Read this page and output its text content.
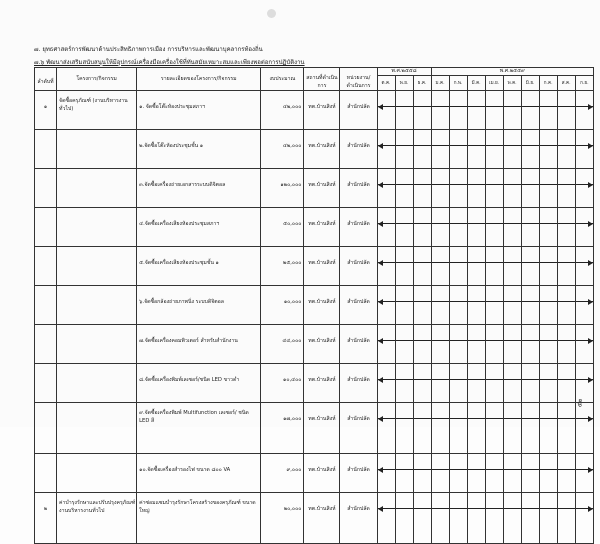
๗. ยุทธศาสตร์การพัฒนาด้านประสิทธิภาพการเมือง การบริหารและพัฒนาบุคลากรท้องถิ่น
๗.๖ พัฒนาส่งเสริมสนับสนุนให้มีอุปกรณ์เครื่องมือเครื่องใช้ที่ทันสมัยเหมาะสมและเพียงพอต่อการปฏิบัติงาน
ลำดับที่	โครงการ/กิจกรรม	รายละเอียดของโครงการ/กิจกรรม	งบประมาณ	สถานที่ดำเนินการ	หน่วยงาน/ดำเนินการ	พ.ศ.๒๕๕๘			พ.ศ.๒๕๕๙								
						ต.ค.	พ.ย.	ธ.ค.	ม.ค.	ก.พ.	มี.ค.	เม.ย.	พ.ค.	มิ.ย.	ก.ค.	ส.ค.	ก.ย.
๑	จัดซื้อครุภัณฑ์ (งานบริหารงานทั่วไป)	๑. จัดซื้อโต๊ะห้องประชุมสภาฯ	๔๒,๐๐๐	ทต.บ้านสิงห์	สำนักปลัด	

		๒.จัดซื้อโต๊ะห้องประชุมชั้น ๑	๔๒,๐๐๐	ทต.บ้านสิงห์	สำนักปลัด	

		๓.จัดซื้อเครื่องถ่ายเอกสารระบบดิจิตอล	๑๒๐,๐๐๐	ทต.บ้านสิงห์	สำนักปลัด	

		๔.จัดซื้อเครื่องเสียงห้องประชุมสภาฯ	๕๐,๐๐๐	ทต.บ้านสิงห์	สำนักปลัด	

		๕.จัดซื้อเครื่องเสียงห้องประชุมชั้น ๑	๒๕,๐๐๐	ทต.บ้านสิงห์	สำนักปลัด	

		๖.จัดซื้อกล้องถ่ายภาพนิ่ง ระบบดิจิตอล	๑๐,๐๐๐	ทต.บ้านสิงห์	สำนักปลัด	

		๗.จัดซื้อเครื่องคอมพิวเตอร์ สำหรับสำนักงาน	๔๔,๐๐๐	ทต.บ้านสิงห์	สำนักปลัด	

		๘.จัดซื้อเครื่องพิมพ์เลเซอร์/ชนิด LED ขาวดำ	๑๐,๔๐๐	ทต.บ้านสิงห์	สำนักปลัด	

		๙.จัดซื้อเครื่องพิมพ์ Multifunction เลเซอร์/ ชนิด LED สี	๑๗,๐๐๐	ทต.บ้านสิงห์	สำนักปลัด	

		๑๐.จัดซื้อเครื่องสำรองไฟ ขนาด ๘๐๐ VA	๙,๐๐๐	ทต.บ้านสิงห์	สำนักปลัด	

๒	ค่าบำรุงรักษาและปรับปรุงครุภัณฑ์ งานบริหารงานทั่วไป	ค่าซ่อมแซมบำรุงรักษาโครงสร้างของครุภัณฑ์ ขนาดใหญ่	๒๐,๐๐๐	ทต.บ้านสิงห์	สำนักปลัด	

๕๒
